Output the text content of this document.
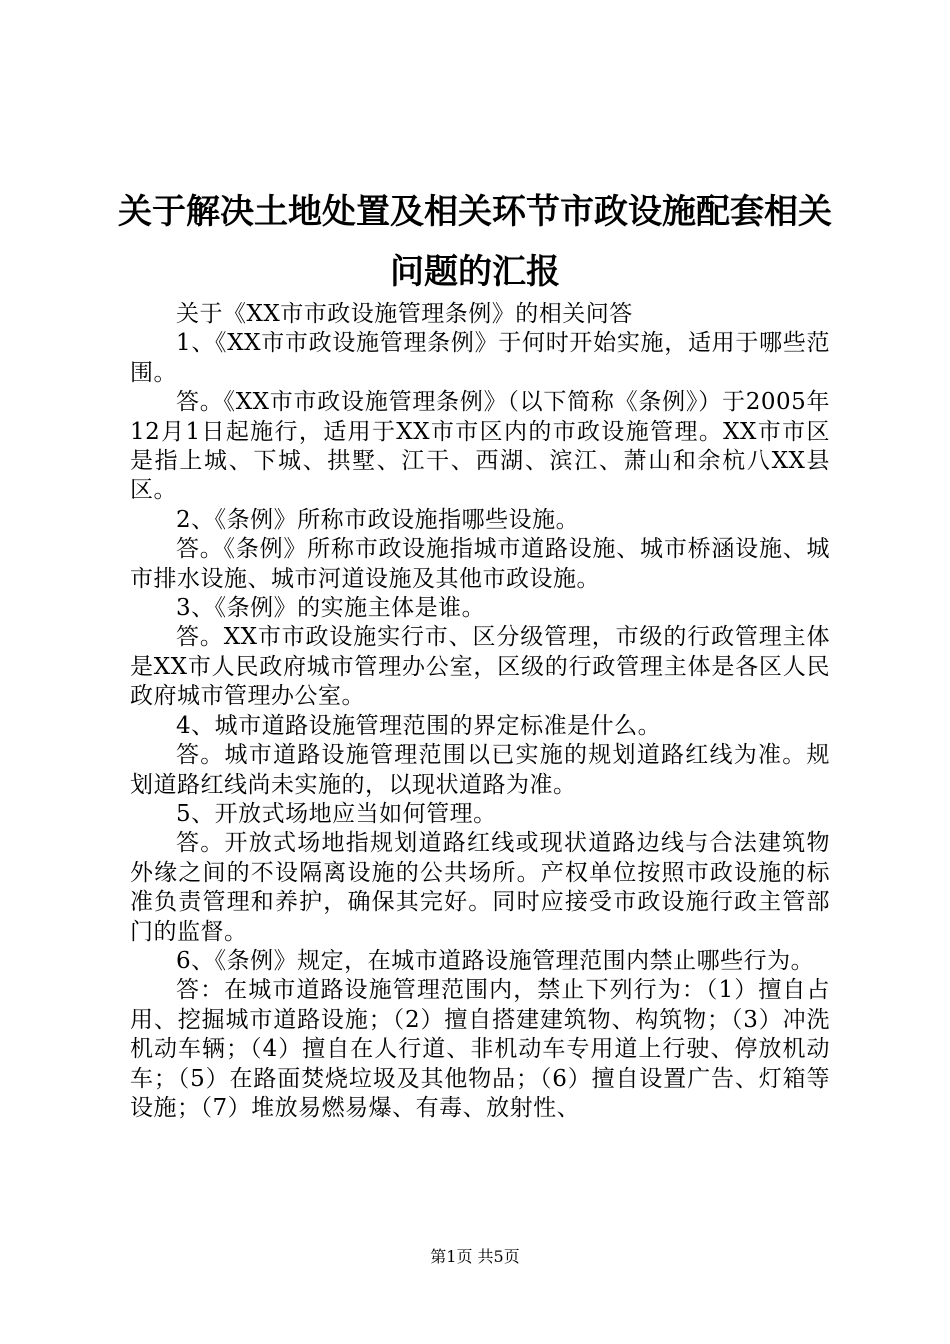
关于解决土地处置及相关环节市政设施配套相关问题的汇报

关于《XX市市政设施管理条例》的相关问答

1、《XX市市政设施管理条例》于何时开始实施，适用于哪些范围。

答。《XX市市政设施管理条例》（以下简称《条例》）于2005年12月1日起施行，适用于XX市市区内的市政设施管理。XX市市区是指上城、下城、拱墅、江干、西湖、滨江、萧山和余杭八XX县区。

2、《条例》所称市政设施指哪些设施。

答。《条例》所称市政设施指城市道路设施、城市桥涵设施、城市排水设施、城市河道设施及其他市政设施。

3、《条例》的实施主体是谁。

答。XX市市政设施实行市、区分级管理，市级的行政管理主体是XX市人民政府城市管理办公室，区级的行政管理主体是各区人民政府城市管理办公室。

4、城市道路设施管理范围的界定标准是什么。

答。城市道路设施管理范围以已实施的规划道路红线为准。规划道路红线尚未实施的，以现状道路为准。

5、开放式场地应当如何管理。

答。开放式场地指规划道路红线或现状道路边线与合法建筑物外缘之间的不设隔离设施的公共场所。产权单位按照市政设施的标准负责管理和养护，确保其完好。同时应接受市政设施行政主管部门的监督。

6、《条例》规定，在城市道路设施管理范围内禁止哪些行为。

答：在城市道路设施管理范围内，禁止下列行为：（1）擅自占用、挖掘城市道路设施；（2）擅自搭建建筑物、构筑物；（3）冲洗机动车辆；（4）擅自在人行道、非机动车专用道上行驶、停放机动车；（5）在路面焚烧垃圾及其他物品；（6）擅自设置广告、灯箱等设施；（7）堆放易燃易爆、有毒、放射性、

第1页 共5页
